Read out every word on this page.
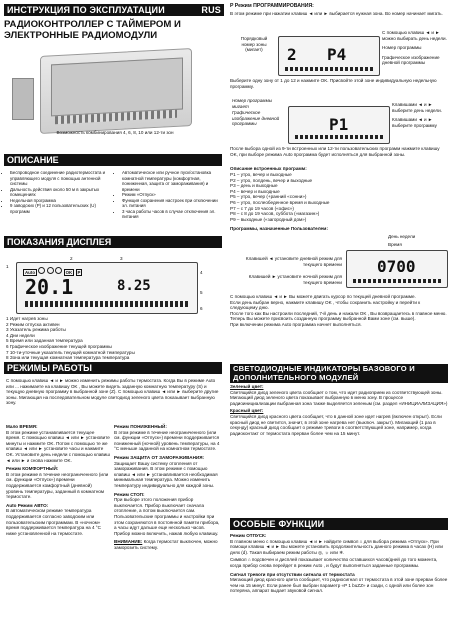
ИНСТРУКЦИЯ ПО ЭКСПЛУАТАЦИИ	RUS
РАДИОКОНТРОЛЛЕР С ТАЙМЕРОМ И
ЭЛЕКТРОННЫЕ РАДИОМОДУЛИ
Возможность комбинирования 4, 6, 8, 10 или 12-ти зон
ОПИСАНИЕ
• Беспроводное соединение радиотермостата и управляющего модуля с помощью антенной системы
• Дальность действия около 50 м в закрытых помещениях
• Недельная программа
• 9 заводских (P) и 12 пользовательских (U) программ
• Автоматическое или ручное пуск/остановка комнатной температуры (комфортная, пониженная, защита от замораживания) и времени
• Режим «Отпуск»
• Функция сохранения настроек при отключении эл. питания
• 3 часа работы часов в случае отключения эл. питания
ПОКАЗАНИЯ ДИСПЛЕЯ
Auto	OK P
20.1	8.25
1
2	3
4
5
6
1 Идет нагрев зоны
2 Режим отпуска активен
3 Указатель режима работы
4 Дни недели
5 Время или заданная температура
6 Графическое изображение текущей программы
7 10-ти-уточные указатель текущей комнатной температуры
8 Зона или текущая комнатная температура температура
РЕЖИМЫ РАБОТЫ
С помощью клавиш ◄ и ► можно изменить режимы работы термостата. Когда Вы в режиме Auto или ... нажимаете на клавишу OK , Вы можете видеть заданную комнатную температуру (S) и текущую дневную программу в выбранной зоне (Z). С помощью клавиш ◄ или ► выберите другие зоны. Мигающая на последовательном модуле светодиод зеленого цвета показывает выбранную зону.
Мало ВРЕМЯ:
В этом режиме устанавливается текущее время. С помощью клавиш ◄ или ► установите минуты и нажмите OK. Потом с помощью те же клавиш ◄ или ► установите часы и нажмите OK. Установите день недели с помощью клавиш ◄ или ► и снова нажмите OK.
Режим КОМФОРТНЫЙ:
В этом режиме в течение неограниченного (или см. функции «Отпуск») времени поддерживается комфортный (дневной) уровень температуры, заданный в комнатном термостате.
Auto Режим АВТО:
В автоматическом режиме температура поддерживается согласно заводским или пользовательским программам. В «ночном» время поддерживается температура на 4 °C ниже установленной на термостате.
Режим ПОНИЖЕННЫЙ:
В этом режиме в течение неограниченного (или см. функции «Отпуск») времени поддерживается пониженный (ночной) уровень температуры, на 4 °C меньше заданной на комнатном термостате.
Режим ЗАЩИТА ОТ ЗАМОРАЖИВАНИЯ:
Защищает Вашу систему отопления от замораживания. В этом режиме с помощью клавиш ◄ или ► устанавливается необходимая минимальная температура. Можно изменить температуру индивидуально для каждой зоны.
Режим СТОП:
При выборе этого положения прибор выключается. Прибор выключает сначала отопление, а потом выключается сам. Пользовательские программы и настройки при этом сохраняются в постоянной памяти прибора, а часы идут дальше еще несколько часов. Прибор можно включить, нажав любую клавишу.
ВНИМАНИЕ: Когда термостат выключен, можно заморозить систему.
P Режим ПРОГРАММИРОВАНИЯ:
В этом режиме при нажатии клавиш ◄ или ► выбирается нужная зона. Во номер начинает мигать.
Порядковый номер зоны (мигает)	2 P4
С помощью клавиш ◄ и ► можно выбирать день недели.
Номер программы
Графическое изображение дневной программы
Выберите одну зону от 1 до 12 и нажмите OK. Присвойте этой зоне индивидуальную недельную программу.
Номер программы мигает
Графическое изображение дневной программы	P1
Клавишами ◄ и ► выберите день недели.
Клавишами ◄ и ► выберите программу
После выбора одной из 9-ти встроенных или 12-ти пользовательских программ нажмите клавишу OK, при выборе режима Auto программа будет исполняться для выбранной зоны.
Описание встроенных программ:
P1 – утро, вечер и выходные
P2 – утро, полдень, вечер и выходные
P3 – день и выходные
P4 – вечер и выходные
P5 – утро, вечер (+ранний «сонни»)
P6 – утро, послеобеденное время и выходные
P7 – с 7 до 19 часов («офис»)
P8 – с 8 до 19 часов, суббота («магазин»)
P9 – выходные («загородный дом»)
Программы, назначенные Пользователем:
День недели
Время
0700
Клавишей ◄ установите дневной режим для текущего времени
Клавишей ► установите ночной режим для текущего времени
С помощью клавиш ◄ и ► Вы можете двигать курсор по текущей дневной программе.
Если день выбран верно, нажмите клавишу OK , чтобы сохранить настройку и перейти к следующему дню.
После того как Вы настроили последний, 7-й день и нажали OK , Вы возвращаетесь в главное меню.
Теперь Вы можете присвоить созданную программу выбранной Вами зоне (см. выше).
При включении режима Auto программа начнет выполняться.
СВЕТОДИОДНЫЕ ИНДИКАТОРЫ БАЗОВОГО И ДОПОЛНИТЕЛЬНОГО МОДУЛЕЙ
Зеленый цвет:
Светящийся диод зеленого цвета сообщает о том, что идет радиоприем из соответствующей зоны. Мигающий диод зеленого цвета показывает выбранную в меню зону. В процессе радиоинициализации выбранная зона также выделяется зеленым (см. раздел «ИНИЦИАЛИЗАЦИЯ»)
Красный цвет:
Светящийся диод красного цвета сообщает, что в данной зоне идет нагрев (включен открыт). Если красный диод не светится, значит, в этой зоне нагрева нет (выключ. закрыт). Мигающий (1 раз в секунду) красный диод сообщает о режиме тревоги в соответствующей зоне, например, когда радиоконтакт от термостата прерван более чем на 15 минут.
ОСОБЫЕ ФУНКЦИИ
Режим ОТПУСК:
В главном меню с помощью клавиш ◄ и ► найдите символ ⌂ для выбора режима «Отпуск». При помощи клавиш ◄ и ► Вы можете установить продолжительность данного режима в часах (Н) или днях (d). Такая выбираем режим работы ◎, ☼ или ❄.
Символ ⌂ подсвечен и дисплей показывает количество оставшихся часов/дней до того момента, когда прибор снова перейдет в режим Auto , и будут выполняться заданные программы.
Сигнал тревоги при отсутствии сигнала от термостата
Мигающий диод красного цвета сообщает, что радиосигнал от термостата в этой зоне прерван более чем на 15 минут. Если ранее был выбран параметр «P 1 buZZ» и сзади, с одной или более зон потеряна, аппарат выдает звуковой сигнал.
